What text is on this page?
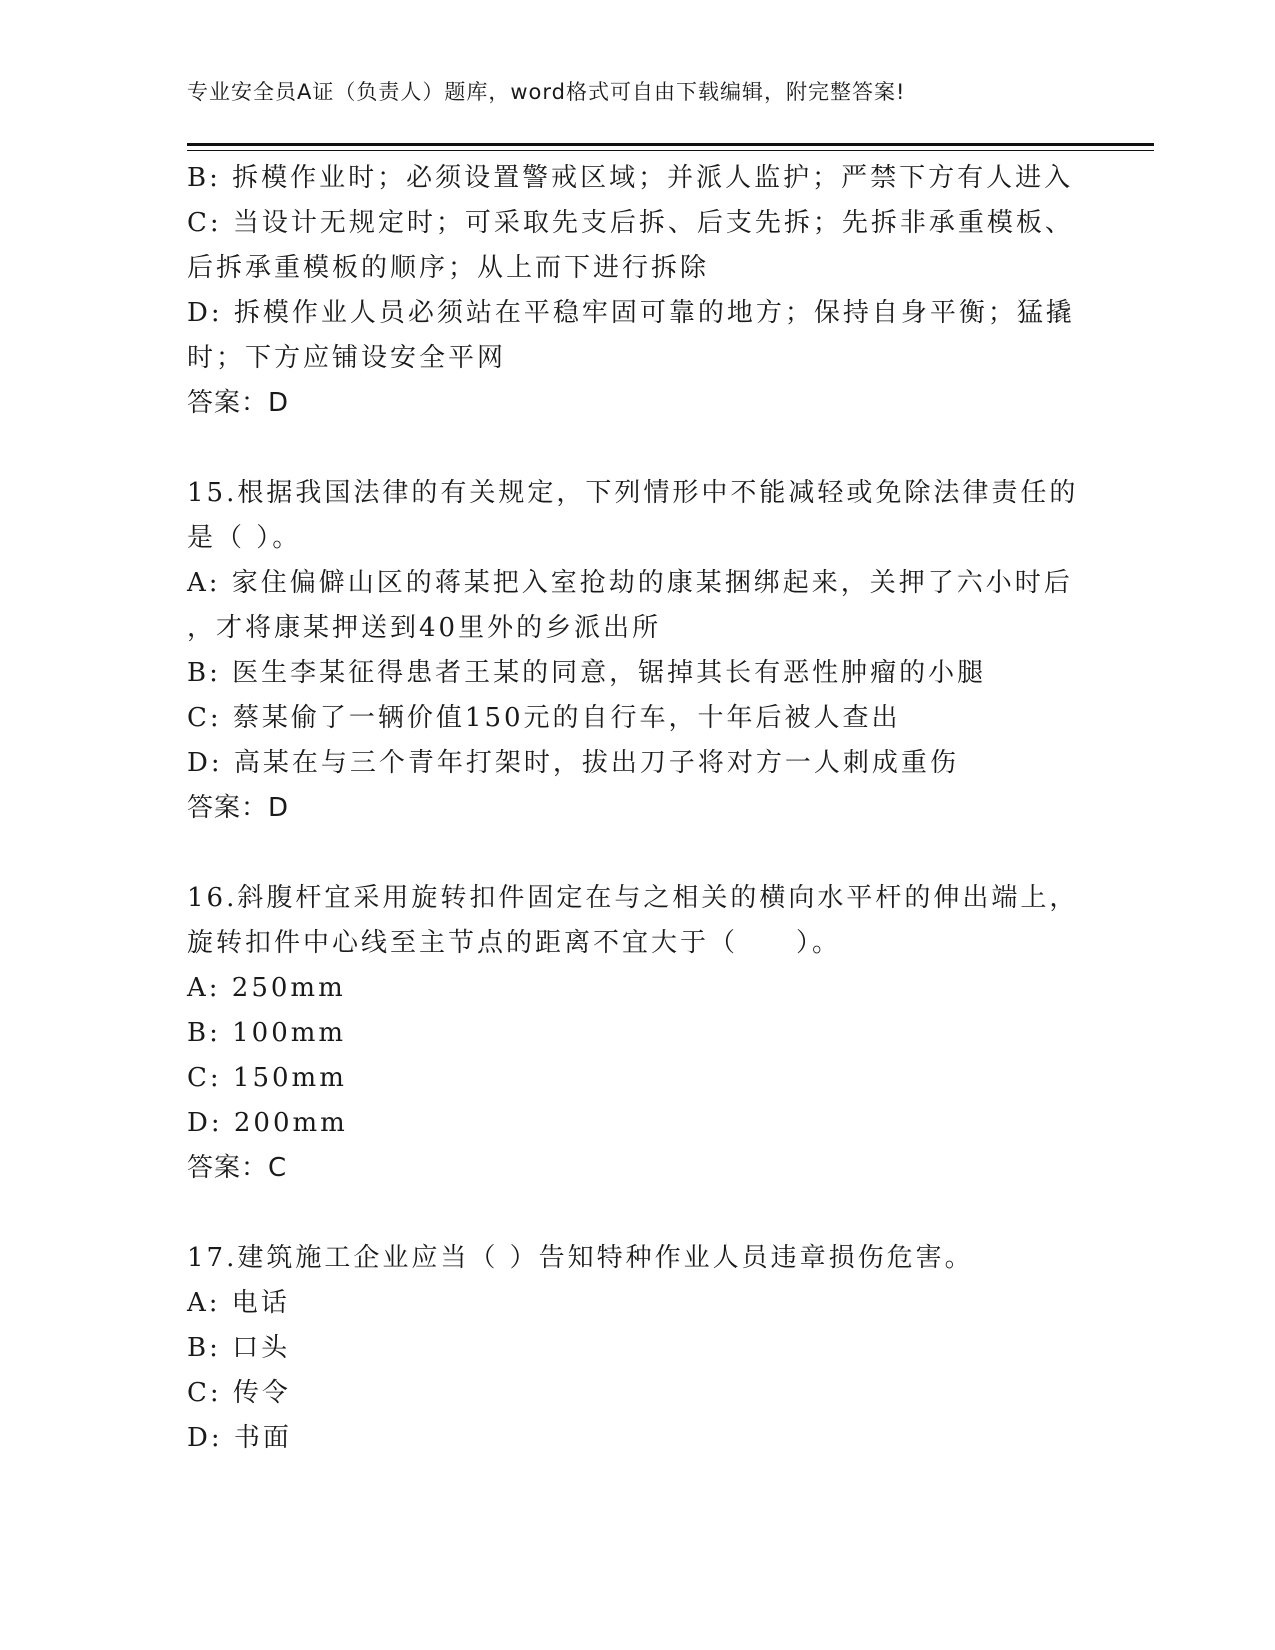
专业安全员A证（负责人）题库，word格式可自由下载编辑，附完整答案!
B: 拆模作业时；必须设置警戒区域；并派人监护；严禁下方有人进入
C: 当设计无规定时；可采取先支后拆、后支先拆；先拆非承重模板、
后拆承重模板的顺序；从上而下进行拆除
D: 拆模作业人员必须站在平稳牢固可靠的地方；保持自身平衡；猛撬
时；下方应铺设安全平网
答案：D
15.根据我国法律的有关规定，下列情形中不能减轻或免除法律责任的
是（ ）。
A: 家住偏僻山区的蒋某把入室抢劫的康某捆绑起来，关押了六小时后
，才将康某押送到40里外的乡派出所
B: 医生李某征得患者王某的同意，锯掉其长有恶性肿瘤的小腿
C: 蔡某偷了一辆价值150元的自行车，十年后被人查出
D: 高某在与三个青年打架时，拔出刀子将对方一人刺成重伤
答案：D
16.斜腹杆宜采用旋转扣件固定在与之相关的横向水平杆的伸出端上，
旋转扣件中心线至主节点的距离不宜大于（　　）。
A: 250mm
B: 100mm
C: 150mm
D: 200mm
答案：C
17.建筑施工企业应当（ ）告知特种作业人员违章损伤危害。
A: 电话
B: 口头
C: 传令
D: 书面
